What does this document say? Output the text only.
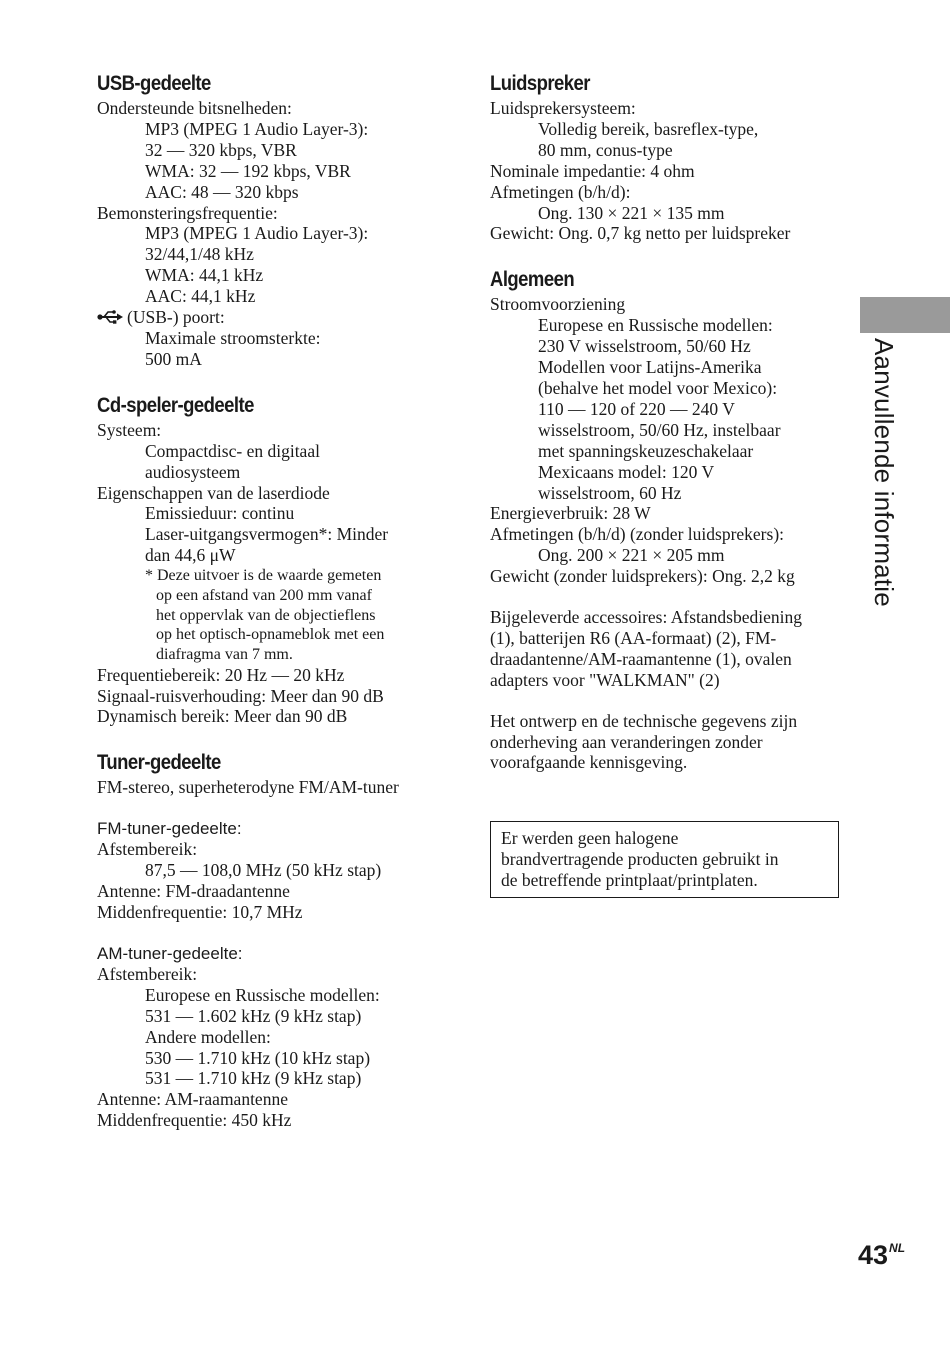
USB-gedeelte

Ondersteunde bitsnelheden:

MP3 (MPEG 1 Audio Layer-3):

32 — 320 kbps, VBR

WMA: 32 — 192 kbps, VBR

AAC: 48 — 320 kbps

Bemonsteringsfrequentie:

MP3 (MPEG 1 Audio Layer-3):

32/44,1/48 kHz

WMA: 44,1 kHz

AAC: 44,1 kHz

(USB-) poort:

Maximale stroomsterkte:

500 mA

Cd-speler-gedeelte

Systeem:

Compactdisc- en digitaal

audiosysteem

Eigenschappen van de laserdiode

Emissieduur: continu

Laser-uitgangsvermogen*: Minder

dan 44,6 μW

* Deze uitvoer is de waarde gemeten

op een afstand van 200 mm vanaf

het oppervlak van de objectieflens

op het optisch-opnameblok met een

diafragma van 7 mm.

Frequentiebereik: 20 Hz — 20 kHz

Signaal-ruisverhouding: Meer dan 90 dB

Dynamisch bereik: Meer dan 90 dB

Tuner-gedeelte

FM-stereo, superheterodyne FM/AM-tuner

FM-tuner-gedeelte:

Afstembereik:

87,5 — 108,0 MHz (50 kHz stap)

Antenne: FM-draadantenne

Middenfrequentie: 10,7 MHz

AM-tuner-gedeelte:

Afstembereik:

Europese en Russische modellen:

531 — 1.602 kHz (9 kHz stap)

Andere modellen:

530 — 1.710 kHz (10 kHz stap)

531 — 1.710 kHz (9 kHz stap)

Antenne: AM-raamantenne

Middenfrequentie: 450 kHz

Luidspreker

Luidsprekersysteem:

Volledig bereik, basreflex-type,

80 mm, conus-type

Nominale impedantie: 4 ohm

Afmetingen (b/h/d):

Ong. 130 × 221 × 135 mm

Gewicht: Ong. 0,7 kg netto per luidspreker

Algemeen

Stroomvoorziening

Europese en Russische modellen:

230 V wisselstroom, 50/60 Hz

Modellen voor Latijns-Amerika

(behalve het model voor Mexico):

110 — 120 of 220 — 240 V

wisselstroom, 50/60 Hz, instelbaar

met spanningskeuzeschakelaar

Mexicaans model: 120 V

wisselstroom, 60 Hz

Energieverbruik: 28 W

Afmetingen (b/h/d) (zonder luidsprekers):

Ong. 200 × 221 × 205 mm

Gewicht (zonder luidsprekers): Ong. 2,2 kg

Bijgeleverde accessoires: Afstandsbediening

(1), batterijen R6 (AA-formaat) (2), FM-

draadantenne/AM-raamantenne (1), ovalen

adapters voor "WALKMAN" (2)

Het ontwerp en de technische gegevens zijn

onderheving aan veranderingen zonder

voorafgaande kennisgeving.

Er werden geen halogene

brandvertragende producten gebruikt in

de betreffende printplaat/printplaten.

Aanvullende informatie
$43^{NL}$
